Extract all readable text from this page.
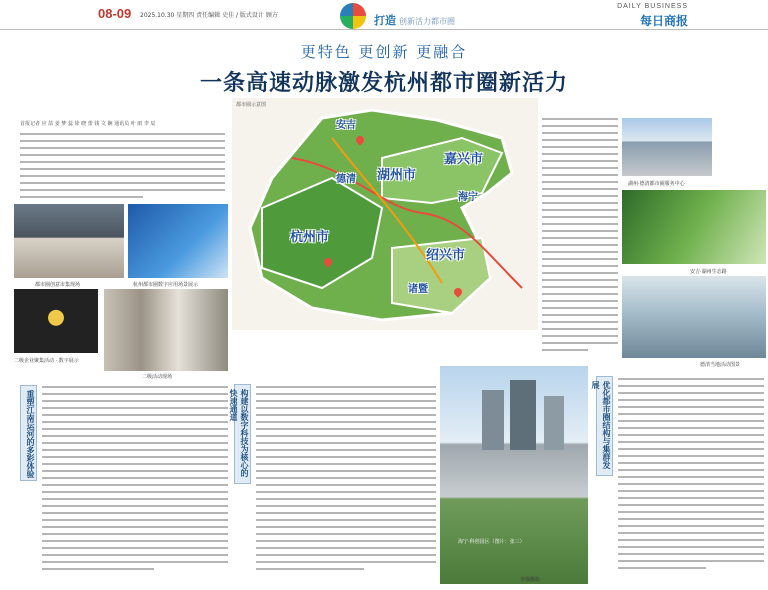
08-09 2025.10.30 星期四 责任编辑 史佳 / 版式设计 顾方	打造 创新活力都市圈
DAILY BUSINESS
每日商报
更特色 更创新 更融合
一条高速动脉激发杭州都市圈新活力
首报记者 应 喆 姜 梦 蕊 徐 晓 蕾 钱 文 娴 通讯员 叶 雨 李 辰
都市圈创意市集现场	杭州都市圈数字应用场景展示
二级企业聚集活动 · 数字展示
二级活动现场
都市圈示意图
安吉
湖州市
嘉兴市
德清
海宁
杭州市
绍兴市
诸暨
湖州·德清都市圈服务中心
安吉·湖州生态路
德清当地活动图景
重塑江南运河的多彩体验	构建以数字科技为核心的快速通道
海宁·科创园区（图片：张三）
李强摄影
优化都市圈结构与集群发展
